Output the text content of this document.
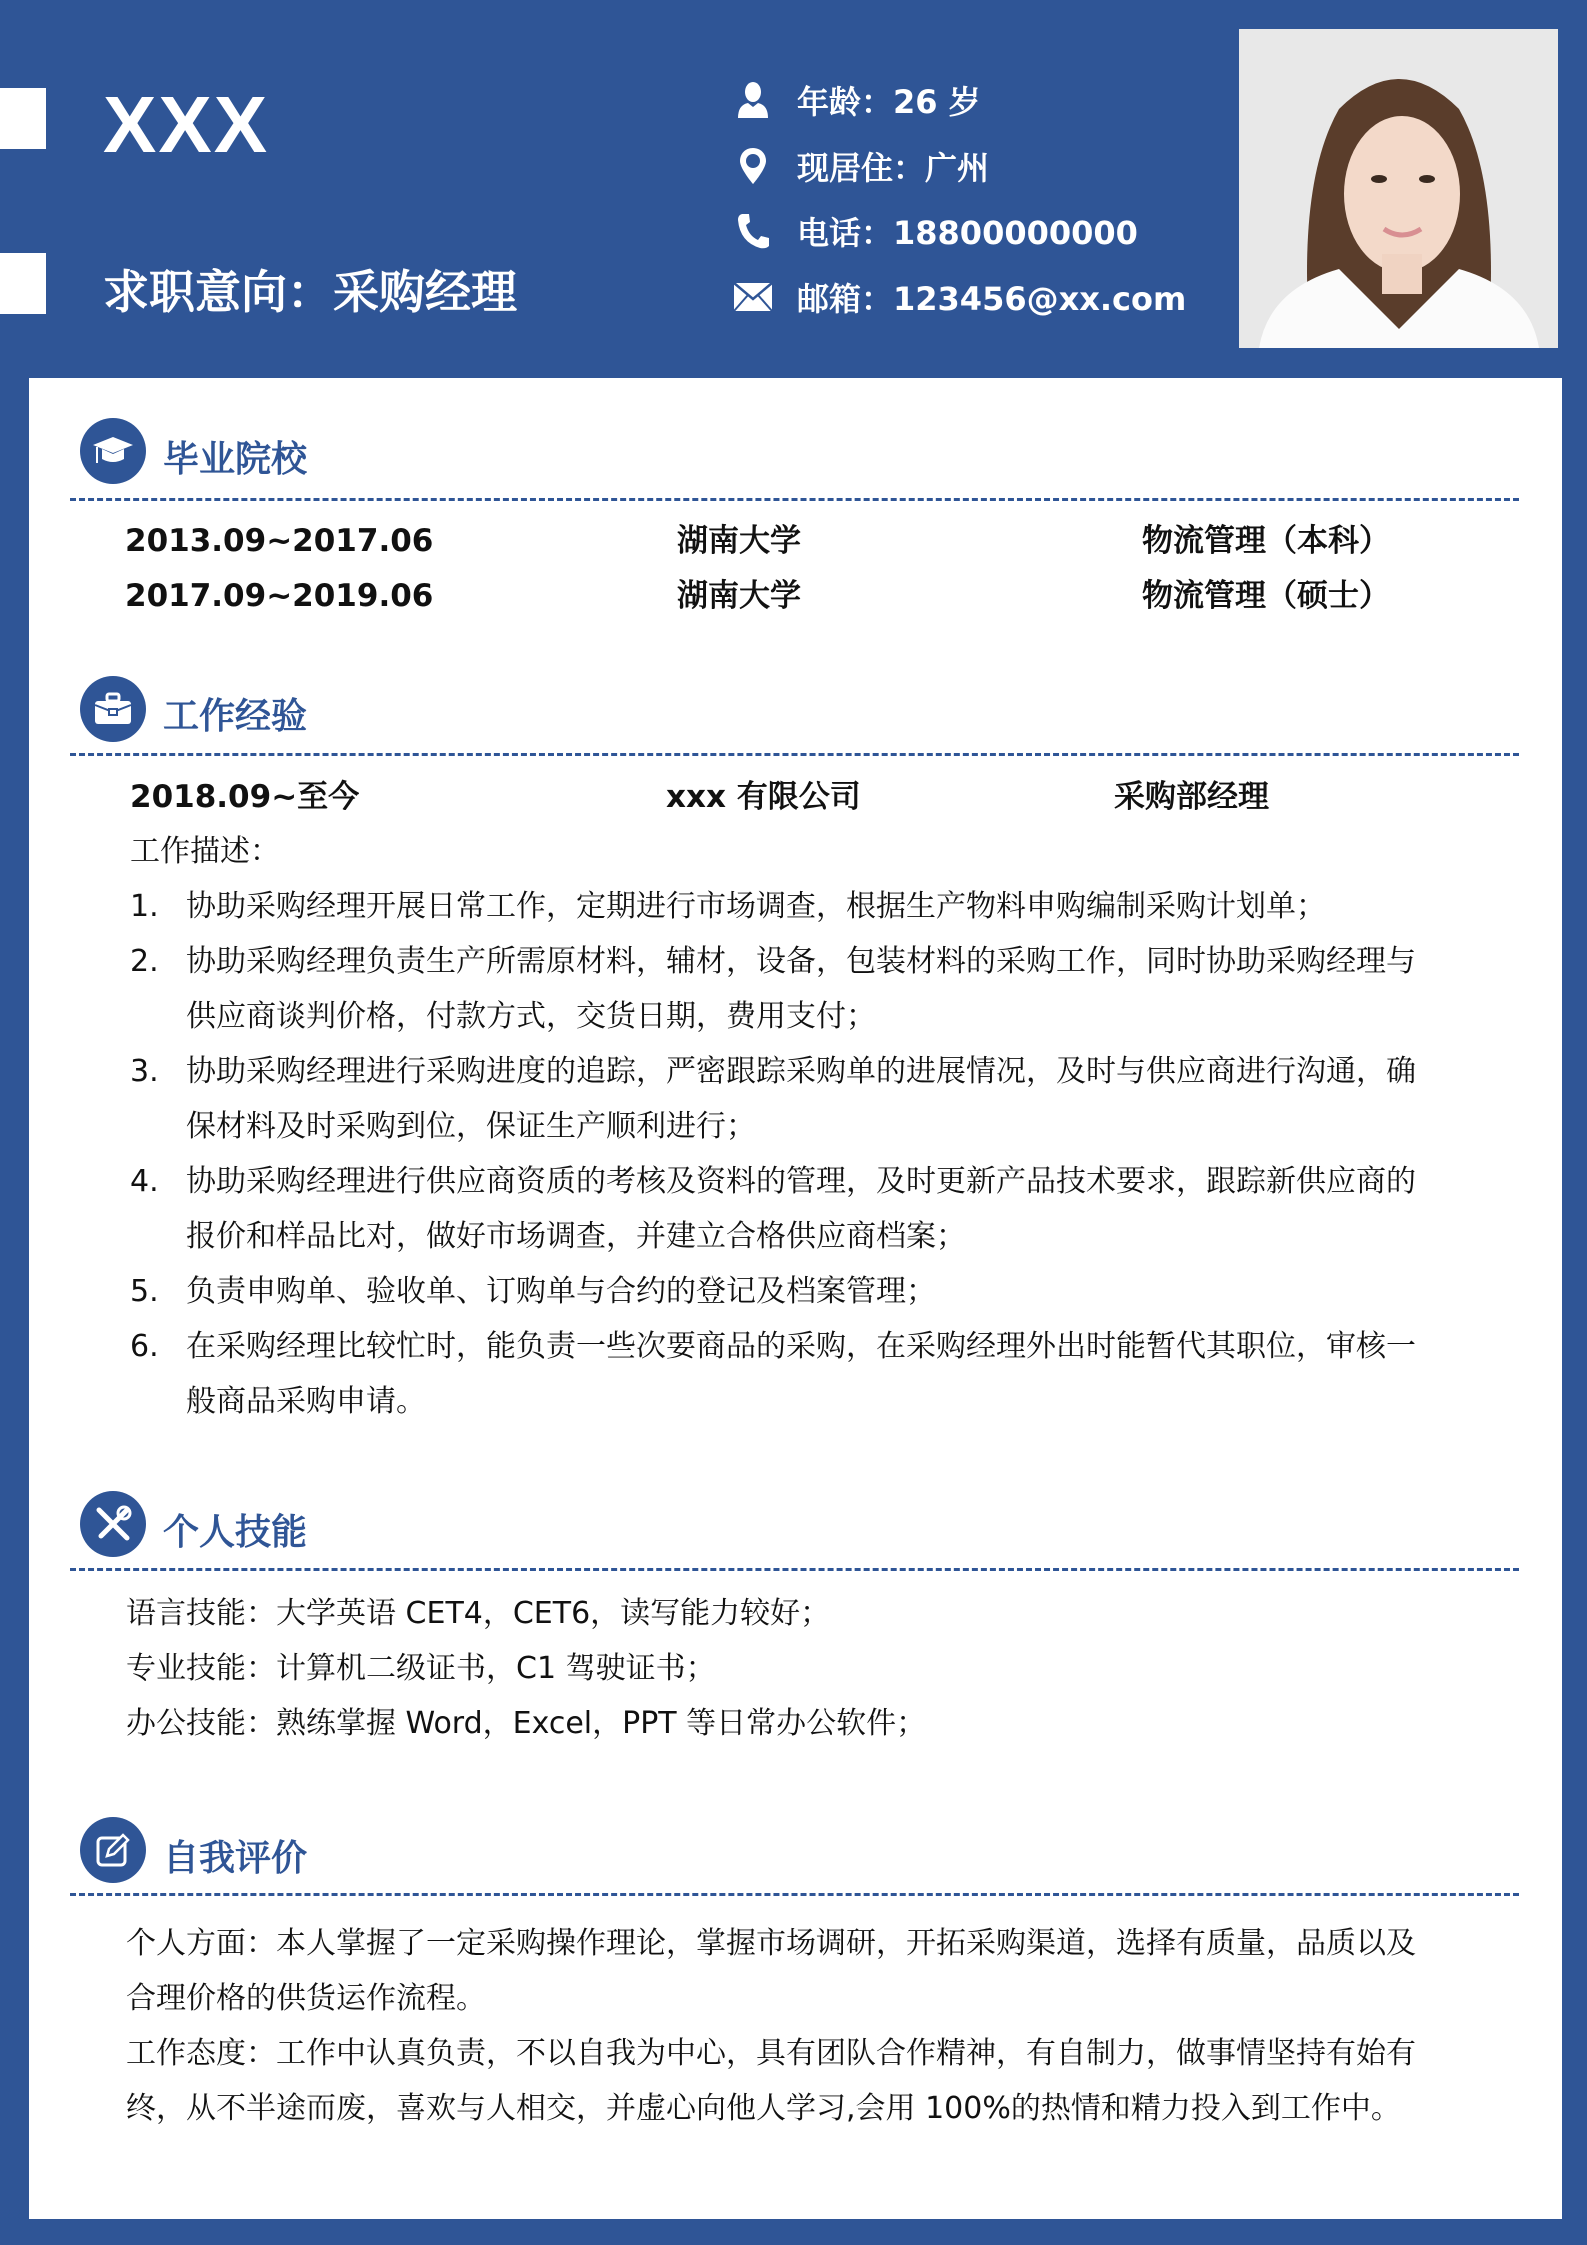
XXX
求职意向：采购经理
年龄：26 岁
现居住：广州
电话：18800000000
邮箱：123456@xx.com
毕业院校
2013.09~2017.06	湖南大学	物流管理（本科）
2017.09~2019.06	湖南大学	物流管理（硕士）
工作经验
2018.09~至今	xxx 有限公司	采购部经理
工作描述：
1. 协助采购经理开展日常工作，定期进行市场调查，根据生产物料申购编制采购计划单；
2. 协助采购经理负责生产所需原材料，辅材，设备，包装材料的采购工作，同时协助采购经理与
供应商谈判价格，付款方式，交货日期，费用支付；
3. 协助采购经理进行采购进度的追踪，严密跟踪采购单的进展情况，及时与供应商进行沟通，确
保材料及时采购到位，保证生产顺利进行；
4. 协助采购经理进行供应商资质的考核及资料的管理，及时更新产品技术要求，跟踪新供应商的
报价和样品比对，做好市场调查，并建立合格供应商档案；
5. 负责申购单、验收单、订购单与合约的登记及档案管理；
6. 在采购经理比较忙时，能负责一些次要商品的采购，在采购经理外出时能暂代其职位，审核一
般商品采购申请。
个人技能
语言技能：大学英语 CET4，CET6，读写能力较好；
专业技能：计算机二级证书，C1 驾驶证书；
办公技能：熟练掌握 Word，Excel，PPT 等日常办公软件；
自我评价
个人方面：本人掌握了一定采购操作理论，掌握市场调研，开拓采购渠道，选择有质量，品质以及
合理价格的供货运作流程。
工作态度：工作中认真负责，不以自我为中心，具有团队合作精神，有自制力，做事情坚持有始有
终，从不半途而废，喜欢与人相交，并虚心向他人学习,会用 100%的热情和精力投入到工作中。
